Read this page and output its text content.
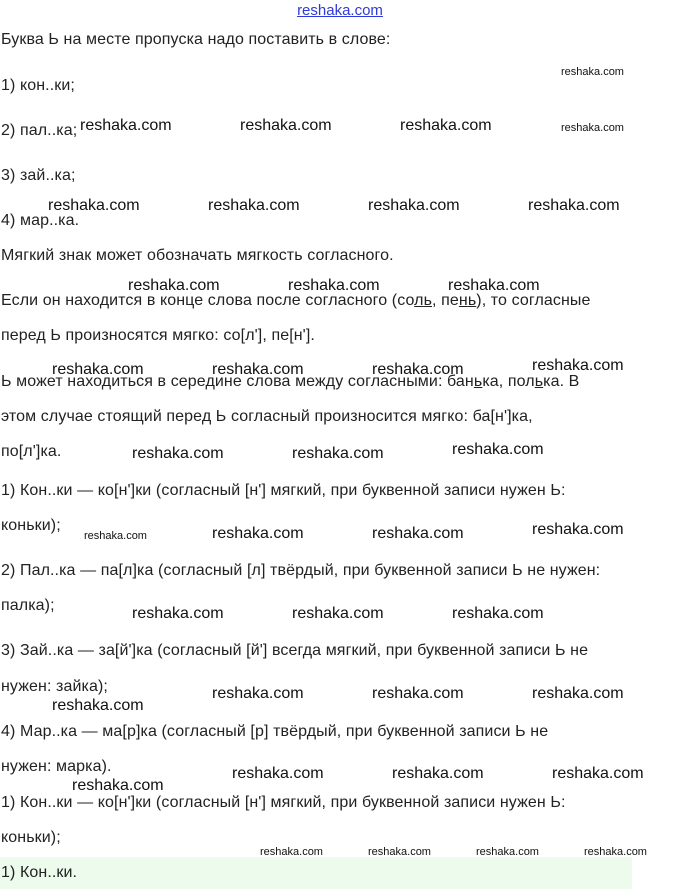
reshaka.com
Буква Ь на месте пропуска надо поставить в слове:
1) кон..ки;
2) пал..ка;
3) зай..ка;
4) мар..ка.
Мягкий знак может обозначать мягкость согласного.
Если он находится в конце слова после согласного (соль, пень), то согласные
перед Ь произносятся мягко: со[л'], пе[н'].
Ь может находиться в середине слова между согласными: банька, полька. В
этом случае стоящий перед Ь согласный произносится мягко: ба[н']ка,
по[л']ка.
1) Кон..ки — ко[н']ки (согласный [н'] мягкий, при буквенной записи нужен Ь:
коньки);
2) Пал..ка — па[л]ка (согласный [л] твёрдый, при буквенной записи Ь не нужен:
палка);
3) Зай..ка — за[й']ка (согласный [й'] всегда мягкий, при буквенной записи Ь не
нужен: зайка);
4) Мар..ка — ма[р]ка (согласный [р] твёрдый, при буквенной записи Ь не
нужен: марка).
1) Кон..ки — ко[н']ки (согласный [н'] мягкий, при буквенной записи нужен Ь:
коньки);
1) Кон..ки.
reshaka.com
reshaka.com	reshaka.com	reshaka.com	reshaka.com
reshaka.com	reshaka.com	reshaka.com	reshaka.com
reshaka.com	reshaka.com	reshaka.com
reshaka.com	reshaka.com	reshaka.com	reshaka.com
reshaka.com	reshaka.com	reshaka.com
reshaka.com	reshaka.com	reshaka.com	reshaka.com
reshaka.com	reshaka.com	reshaka.com
reshaka.com
reshaka.com	reshaka.com	reshaka.com
reshaka.com
reshaka.com	reshaka.com	reshaka.com
reshaka.com	reshaka.com	reshaka.com	reshaka.com
